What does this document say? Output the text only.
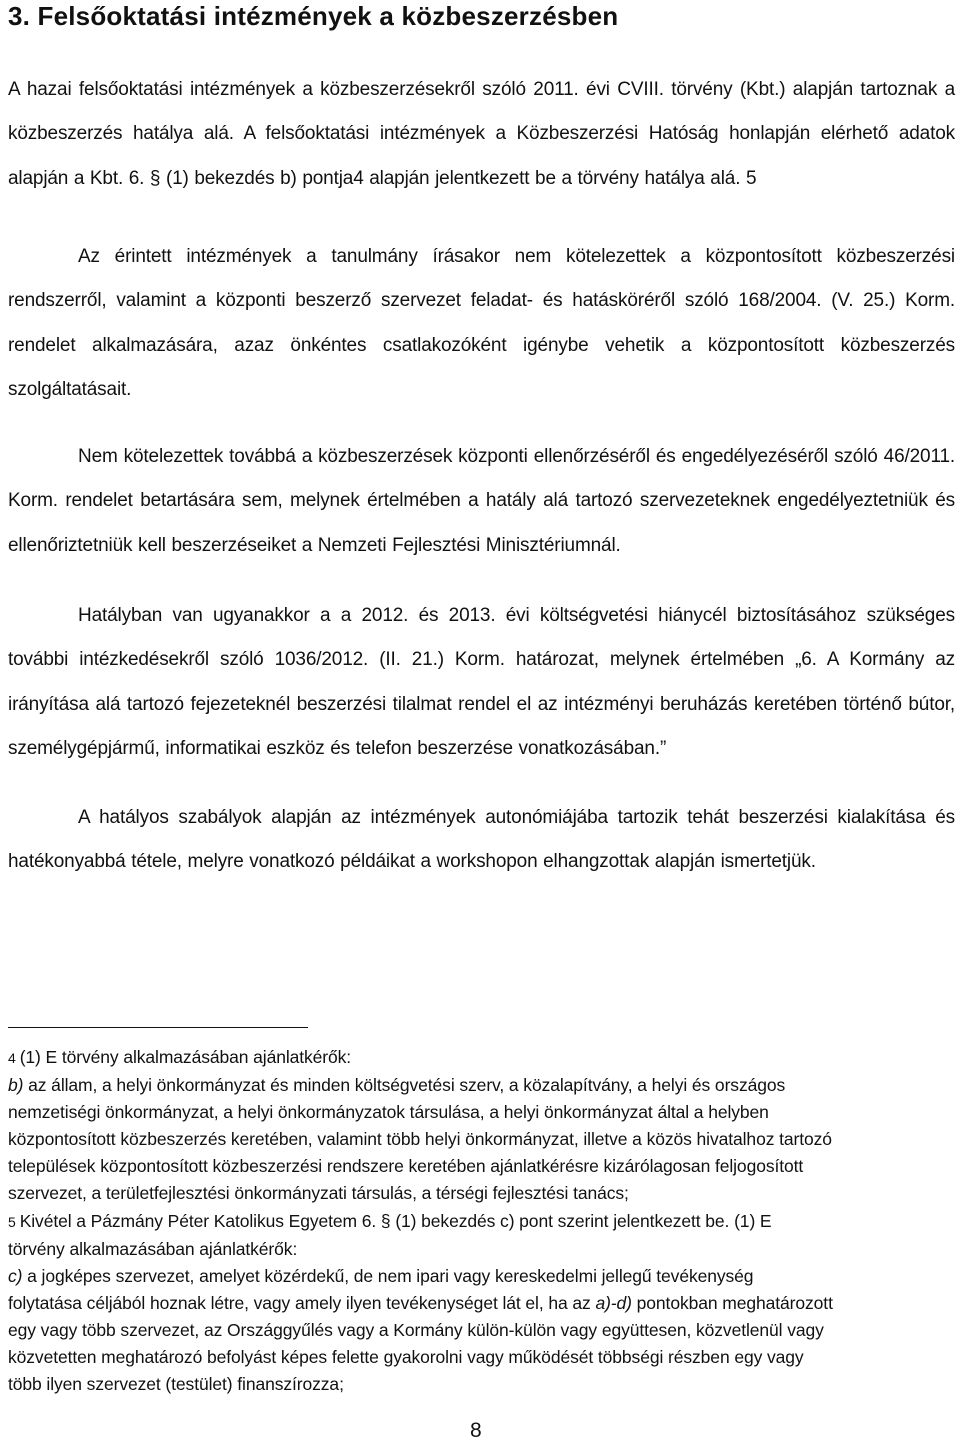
3. Felsőoktatási intézmények a közbeszerzésben

A hazai felsőoktatási intézmények a közbeszerzésekről szóló 2011. évi CVIII. törvény (Kbt.) alapján tartoznak a közbeszerzés hatálya alá. A felsőoktatási intézmények a Közbeszerzési Hatóság honlapján elérhető adatok alapján a Kbt. 6. § (1) bekezdés b) pontja4 alapján jelentkezett be a törvény hatálya alá. 5

Az érintett intézmények a tanulmány írásakor nem kötelezettek a központosított közbeszerzési rendszerről, valamint a központi beszerző szervezet feladat- és hatásköréről szóló 168/2004. (V. 25.) Korm. rendelet alkalmazására, azaz önkéntes csatlakozóként igénybe vehetik a központosított közbeszerzés szolgáltatásait.

Nem kötelezettek továbbá a közbeszerzések központi ellenőrzéséről és engedélyezéséről szóló 46/2011. Korm. rendelet betartására sem, melynek értelmében a hatály alá tartozó szervezeteknek engedélyeztetniük és ellenőriztetniük kell beszerzéseiket a Nemzeti Fejlesztési Minisztériumnál.

Hatályban van ugyanakkor a a 2012. és 2013. évi költségvetési hiánycél biztosításához szükséges további intézkedésekről szóló 1036/2012. (II. 21.) Korm. határozat, melynek értelmében „6. A Kormány az irányítása alá tartozó fejezeteknél beszerzési tilalmat rendel el az intézményi beruházás keretében történő bútor, személygépjármű, informatikai eszköz és telefon beszerzése vonatkozásában.”

A hatályos szabályok alapján az intézmények autonómiájába tartozik tehát beszerzési kialakítása és hatékonyabbá tétele, melyre vonatkozó példáikat a workshopon elhangzottak alapján ismertetjük.

4 (1) E törvény alkalmazásában ajánlatkérők:
b) az állam, a helyi önkormányzat és minden költségvetési szerv, a közalapítvány, a helyi és országos
nemzetiségi önkormányzat, a helyi önkormányzatok társulása, a helyi önkormányzat által a helyben
központosított közbeszerzés keretében, valamint több helyi önkormányzat, illetve a közös hivatalhoz tartozó
települések központosított közbeszerzési rendszere keretében ajánlatkérésre kizárólagosan feljogosított
szervezet, a területfejlesztési önkormányzati társulás, a térségi fejlesztési tanács;
5 Kivétel a Pázmány Péter Katolikus Egyetem 6. § (1) bekezdés c) pont szerint jelentkezett be. (1) E
törvény alkalmazásában ajánlatkérők:
c) a jogképes szervezet, amelyet közérdekű, de nem ipari vagy kereskedelmi jellegű tevékenység
folytatása céljából hoznak létre, vagy amely ilyen tevékenységet lát el, ha az a)-d) pontokban meghatározott
egy vagy több szervezet, az Országgyűlés vagy a Kormány külön-külön vagy együttesen, közvetlenül vagy
közvetetten meghatározó befolyást képes felette gyakorolni vagy működését többségi részben egy vagy
több ilyen szervezet (testület) finanszírozza;
8
